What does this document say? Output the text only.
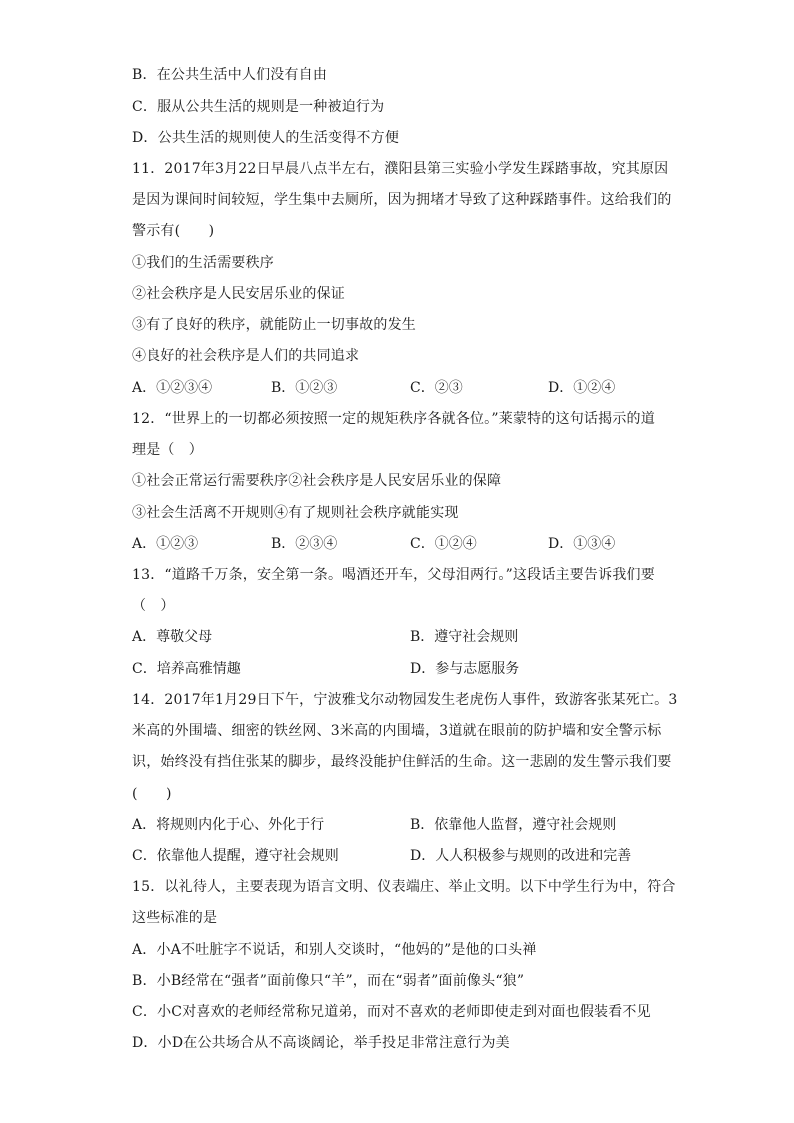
B．在公共生活中人们没有自由
C．服从公共生活的规则是一种被迫行为
D．公共生活的规则使人的生活变得不方便
11．2017年3月22日早晨八点半左右，濮阳县第三实验小学发生踩踏事故，究其原因
是因为课间时间较短，学生集中去厕所，因为拥堵才导致了这种踩踏事件。这给我们的
警示有(　　)
①我们的生活需要秩序
②社会秩序是人民安居乐业的保证
③有了良好的秩序，就能防止一切事故的发生
④良好的社会秩序是人们的共同追求
A．①②③④	B．①②③	C．②③	D．①②④
12．“世界上的一切都必须按照一定的规矩秩序各就各位。”莱蒙特的这句话揭示的道
理是（　）
①社会正常运行需要秩序②社会秩序是人民安居乐业的保障
③社会生活离不开规则④有了规则社会秩序就能实现
A．①②③	B．②③④	C．①②④	D．①③④
13．“道路千万条，安全第一条。喝酒还开车，父母泪两行。”这段话主要告诉我们要
（　）
A．尊敬父母	B．遵守社会规则
C．培养高雅情趣	D．参与志愿服务
14．2017年1月29日下午，宁波雅戈尔动物园发生老虎伤人事件，致游客张某死亡。3
米高的外围墙、细密的铁丝网、3米高的内围墙，3道就在眼前的防护墙和安全警示标
识，始终没有挡住张某的脚步，最终没能护住鲜活的生命。这一悲剧的发生警示我们要
(　　)
A．将规则内化于心、外化于行	B．依靠他人监督，遵守社会规则
C．依靠他人提醒，遵守社会规则	D．人人积极参与规则的改进和完善
15．以礼待人，主要表现为语言文明、仪表端庄、举止文明。以下中学生行为中，符合
这些标准的是
A．小A不吐脏字不说话，和别人交谈时，“他妈的”是他的口头禅
B．小B经常在“强者”面前像只“羊”，而在“弱者”面前像头“狼”
C．小C对喜欢的老师经常称兄道弟，而对不喜欢的老师即使走到对面也假装看不见
D．小D在公共场合从不高谈阔论，举手投足非常注意行为美
